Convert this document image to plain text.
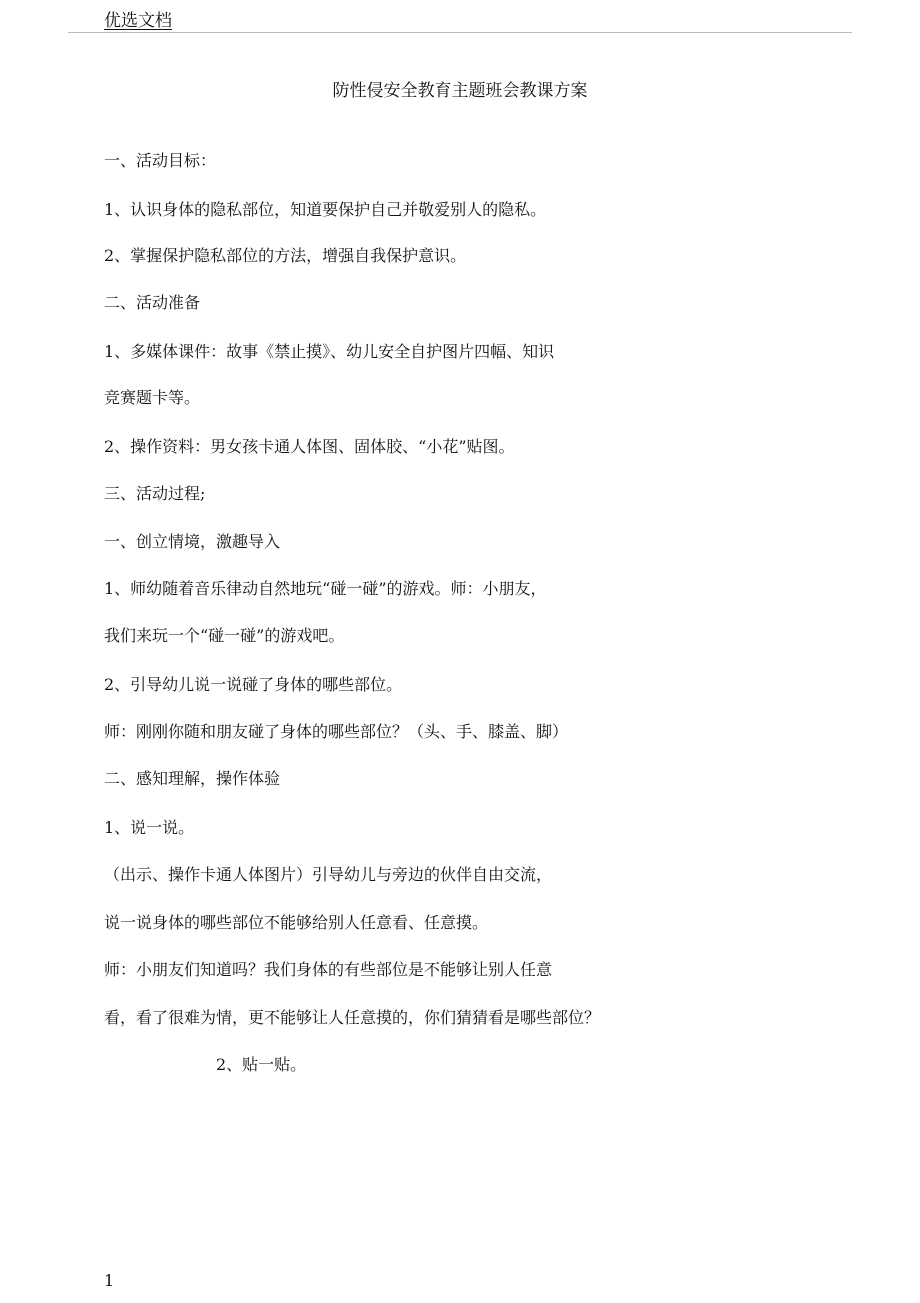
优选文档
防性侵安全教育主题班会教课方案
一、活动目标：
1、认识身体的隐私部位，知道要保护自己并敬爱别人的隐私。
2、掌握保护隐私部位的方法，增强自我保护意识。
二、活动准备
1、多媒体课件：故事《禁止摸》、幼儿安全自护图片四幅、知识
竞赛题卡等。
2、操作资料：男女孩卡通人体图、固体胶、“小花”贴图。
三、活动过程;
一、创立情境，激趣导入
1、师幼随着音乐律动自然地玩“碰一碰”的游戏。师：小朋友，
我们来玩一个“碰一碰”的游戏吧。
2、引导幼儿说一说碰了身体的哪些部位。
师：刚刚你随和朋友碰了身体的哪些部位？（头、手、膝盖、脚）
二、感知理解，操作体验
1、说一说。
（出示、操作卡通人体图片）引导幼儿与旁边的伙伴自由交流，
说一说身体的哪些部位不能够给别人任意看、任意摸。
师：小朋友们知道吗？我们身体的有些部位是不能够让别人任意
看，看了很难为情，更不能够让人任意摸的，你们猜猜看是哪些部位？
2、贴一贴。
1
